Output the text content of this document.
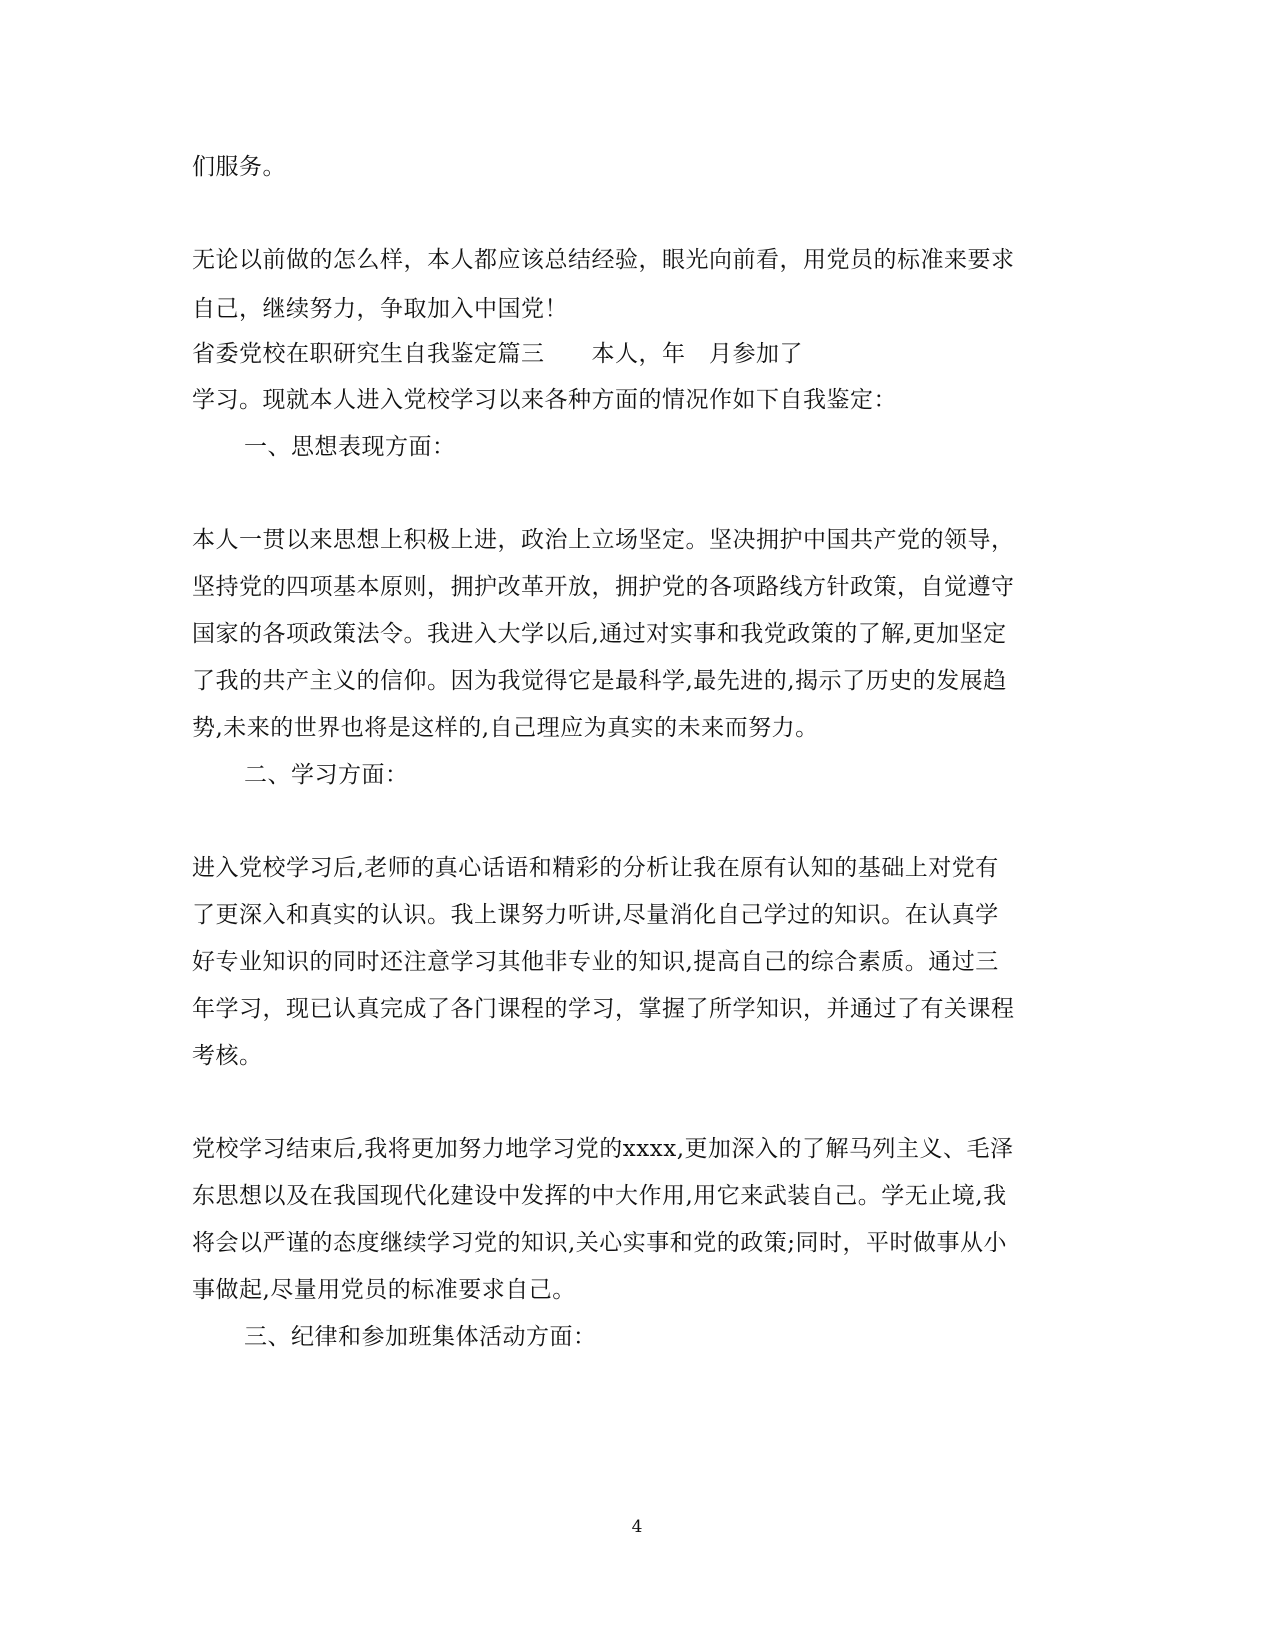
们服务。
无论以前做的怎么样，本人都应该总结经验，眼光向前看，用党员的标准来要求
自己，继续努力，争取加入中国党！
省委党校在职研究生自我鉴定篇三　　本人，年　月参加了
学习。现就本人进入党校学习以来各种方面的情况作如下自我鉴定：
一、思想表现方面：
本人一贯以来思想上积极上进，政治上立场坚定。坚决拥护中国共产党的领导，
坚持党的四项基本原则，拥护改革开放，拥护党的各项路线方针政策，自觉遵守
国家的各项政策法令。我进入大学以后,通过对实事和我党政策的了解,更加坚定
了我的共产主义的信仰。因为我觉得它是最科学,最先进的,揭示了历史的发展趋
势,未来的世界也将是这样的,自己理应为真实的未来而努力。
二、学习方面：
进入党校学习后,老师的真心话语和精彩的分析让我在原有认知的基础上对党有
了更深入和真实的认识。我上课努力听讲,尽量消化自己学过的知识。在认真学
好专业知识的同时还注意学习其他非专业的知识,提高自己的综合素质。通过三
年学习，现已认真完成了各门课程的学习，掌握了所学知识，并通过了有关课程
考核。
党校学习结束后,我将更加努力地学习党的xxxx,更加深入的了解马列主义、毛泽
东思想以及在我国现代化建设中发挥的中大作用,用它来武装自己。学无止境,我
将会以严谨的态度继续学习党的知识,关心实事和党的政策;同时，平时做事从小
事做起,尽量用党员的标准要求自己。
三、纪律和参加班集体活动方面：
4
